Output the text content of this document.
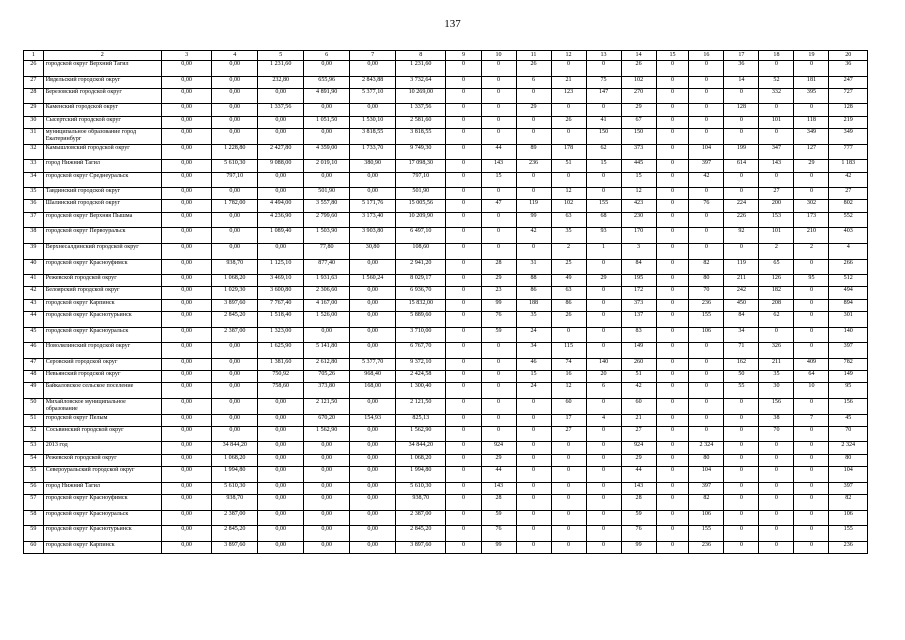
137
1	2	3	4	5	6	7	8	9	10	11	12	13	14	15	16	17	18	19	20
26	городской округ Верхний Тагил	0,00	0,00	1 231,60	0,00	0,00	1 231,60	0	0	26	0	0	26	0	0	36	0	0	36
27	Ивдельский городской округ	0,00	0,00	232,80	655,96	2 843,88	3 732,64	0	0	6	21	75	102	0	0	14	52	181	247
28	Березовский городской округ	0,00	0,00	0,00	4 891,90	5 377,10	10 269,00	0	0	0	123	147	270	0	0	0	332	395	727
29	Каменский городской округ	0,00	0,00	1 337,56	0,00	0,00	1 337,56	0	0	29	0	0	29	0	0	128	0	0	128
30	Сысертский городской округ	0,00	0,00	0,00	1 051,50	1 530,10	2 581,60	0	0	0	26	41	67	0	0	0	101	118	219
31	муниципальное образование город Екатеринбург	0,00	0,00	0,00	0,00	3 818,55	3 818,55	0	0	0	0	150	150	0	0	0	0	349	349
32	Камышловский городской округ	0,00	1 228,80	2 427,80	4 359,00	1 733,70	9 749,30	0	44	89	178	62	373	0	104	199	347	127	777
33	город Нижний Тагил	0,00	5 610,30	9 088,00	2 019,10	380,90	17 098,30	0	143	236	51	15	445	0	397	614	143	29	1 183
34	городской округ Среднеуральск	0,00	797,10	0,00	0,00	0,00	797,10	0	15	0	0	0	15	0	42	0	0	0	42
35	Тавдинский городской округ	0,00	0,00	0,00	501,90	0,00	501,90	0	0	0	12	0	12	0	0	0	27	0	27
36	Шалинский городской округ	0,00	1 782,00	4 494,00	3 557,80	5 171,76	15 005,56	0	47	119	102	155	423	0	76	224	200	302	802
37	городской округ Верхняя Пышма	0,00	0,00	4 236,90	2 799,60	3 173,40	10 209,90	0	0	99	63	68	230	0	0	226	153	173	552
38	городской округ Первоуральск	0,00	0,00	1 089,40	1 503,90	3 903,80	6 497,10	0	0	42	35	93	170	0	0	92	101	210	403
39	Верхнесалдинский городской округ	0,00	0,00	0,00	77,80	30,80	108,60	0	0	0	2	1	3	0	0	0	2	2	4
40	городской округ Красноуфимск	0,00	938,70	1 125,10	877,40	0,00	2 941,20	0	28	31	25	0	84	0	82	119	65	0	266
41	Режевской городской округ	0,00	1 068,20	3 469,10	1 931,63	1 560,24	8 029,17	0	29	88	49	29	195	0	80	211	126	95	512
42	Белоярский городской округ	0,00	1 029,30	3 600,80	2 306,60	0,00	6 936,70	0	23	86	63	0	172	0	70	242	182	0	494
43	городской округ Карпинск	0,00	3 897,60	7 767,40	4 167,00	0,00	15 832,00	0	99	188	86	0	373	0	236	450	208	0	894
44	городской округ Краснотурьинск	0,00	2 845,20	1 518,40	1 526,00	0,00	5 889,60	0	76	35	26	0	137	0	155	84	62	0	301
45	городской округ Красноуральск	0,00	2 387,00	1 323,00	0,00	0,00	3 710,00	0	59	24	0	0	83	0	106	34	0	0	140
46	Новолялинский городской округ	0,00	0,00	1 625,90	5 141,80	0,00	6 767,70	0	0	34	115	0	149	0	0	71	326	0	397
47	Серовский городской округ	0,00	0,00	1 381,60	2 612,80	5 377,70	9 372,10	0	0	46	74	140	260	0	0	162	211	409	782
48	Невьянский городской округ	0,00	0,00	750,92	705,26	968,40	2 424,58	0	0	15	16	20	51	0	0	50	35	64	149
49	Байкаловское сельское поселение	0,00	0,00	758,60	373,80	168,00	1 300,40	0	0	24	12	6	42	0	0	55	30	10	95
50	Михайловское муниципальное образование	0,00	0,00	0,00	2 121,50	0,00	2 121,50	0	0	0	60	0	60	0	0	0	156	0	156
51	городской округ Пелым	0,00	0,00	0,00	670,20	154,93	825,13	0	0	0	17	4	21	0	0	0	38	7	45
52	Сосьвинский городской округ	0,00	0,00	0,00	1 562,90	0,00	1 562,90	0	0	0	27	0	27	0	0	0	70	0	70
53	2013 год	0,00	34 844,20	0,00	0,00	0,00	34 844,20	0	924	0	0	0	924	0	2 324	0	0	0	2 324
54	Режевской городской округ	0,00	1 068,20	0,00	0,00	0,00	1 068,20	0	29	0	0	0	29	0	80	0	0	0	80
55	Североуральский городской округ	0,00	1 994,80	0,00	0,00	0,00	1 994,80	0	44	0	0	0	44	0	104	0	0	0	104
56	город Нижний Тагил	0,00	5 610,30	0,00	0,00	0,00	5 610,30	0	143	0	0	0	143	0	397	0	0	0	397
57	городской округ Красноуфимск	0,00	938,70	0,00	0,00	0,00	938,70	0	28	0	0	0	28	0	82	0	0	0	82
58	городской округ Красноуральск	0,00	2 387,00	0,00	0,00	0,00	2 387,00	0	59	0	0	0	59	0	106	0	0	0	106
59	городской округ Краснотурьинск	0,00	2 845,20	0,00	0,00	0,00	2 845,20	0	76	0	0	0	76	0	155	0	0	0	155
60	городской округ Карпинск	0,00	3 897,60	0,00	0,00	0,00	3 897,60	0	99	0	0	0	99	0	236	0	0	0	236
